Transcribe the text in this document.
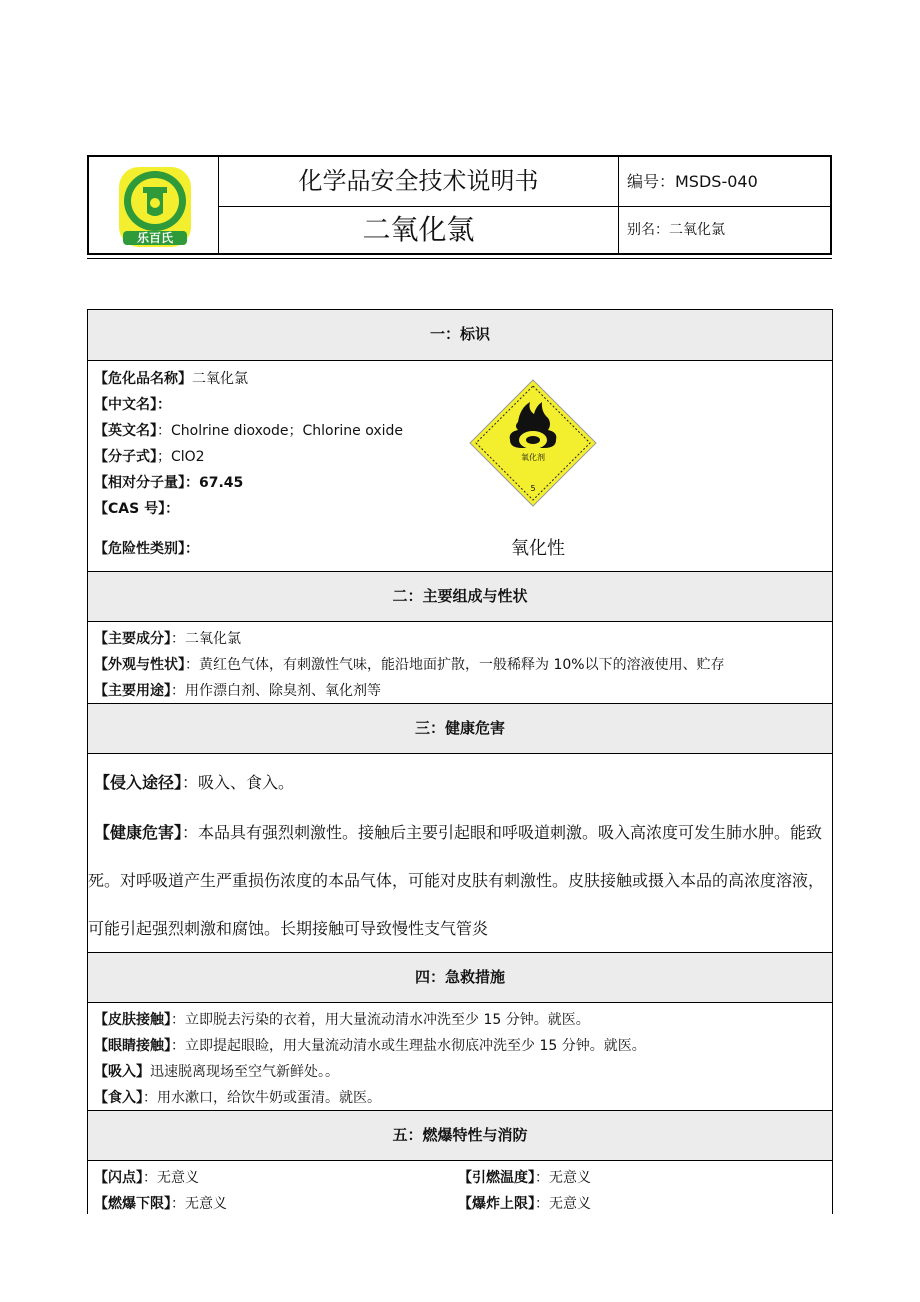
乐百氏
化学品安全技术说明书
二氧化氯
编号：MSDS-040
别名：二氧化氯
一：标识
【危化品名称】二氧化氯
【中文名】：
【英文名】：Cholrine dioxode；Chlorine oxide
【分子式】；ClO2
【相对分子量】：67.45
【CAS 号】：
【危险性类别】：
氧化剂
5
氧化性
二：主要组成与性状
【主要成分】：二氧化氯
【外观与性状】：黄红色气体，有刺激性气味，能沿地面扩散，一般稀释为 10%以下的溶液使用、贮存
【主要用途】：用作漂白剂、除臭剂、氧化剂等
三：健康危害
【侵入途径】：吸入、食入。
【健康危害】：本品具有强烈刺激性。接触后主要引起眼和呼吸道刺激。吸入高浓度可发生肺水肿。能致
死。对呼吸道产生严重损伤浓度的本品气体，可能对皮肤有刺激性。皮肤接触或摄入本品的高浓度溶液，
可能引起强烈刺激和腐蚀。长期接触可导致慢性支气管炎
四：急救措施
【皮肤接触】：立即脱去污染的衣着，用大量流动清水冲洗至少 15 分钟。就医。
【眼睛接触】：立即提起眼睑，用大量流动清水或生理盐水彻底冲洗至少 15 分钟。就医。
【吸入】迅速脱离现场至空气新鲜处。。
【食入】：用水漱口，给饮牛奶或蛋清。就医。
五：燃爆特性与消防
【闪点】：无意义	【引燃温度】：无意义
【燃爆下限】：无意义	【爆炸上限】：无意义
